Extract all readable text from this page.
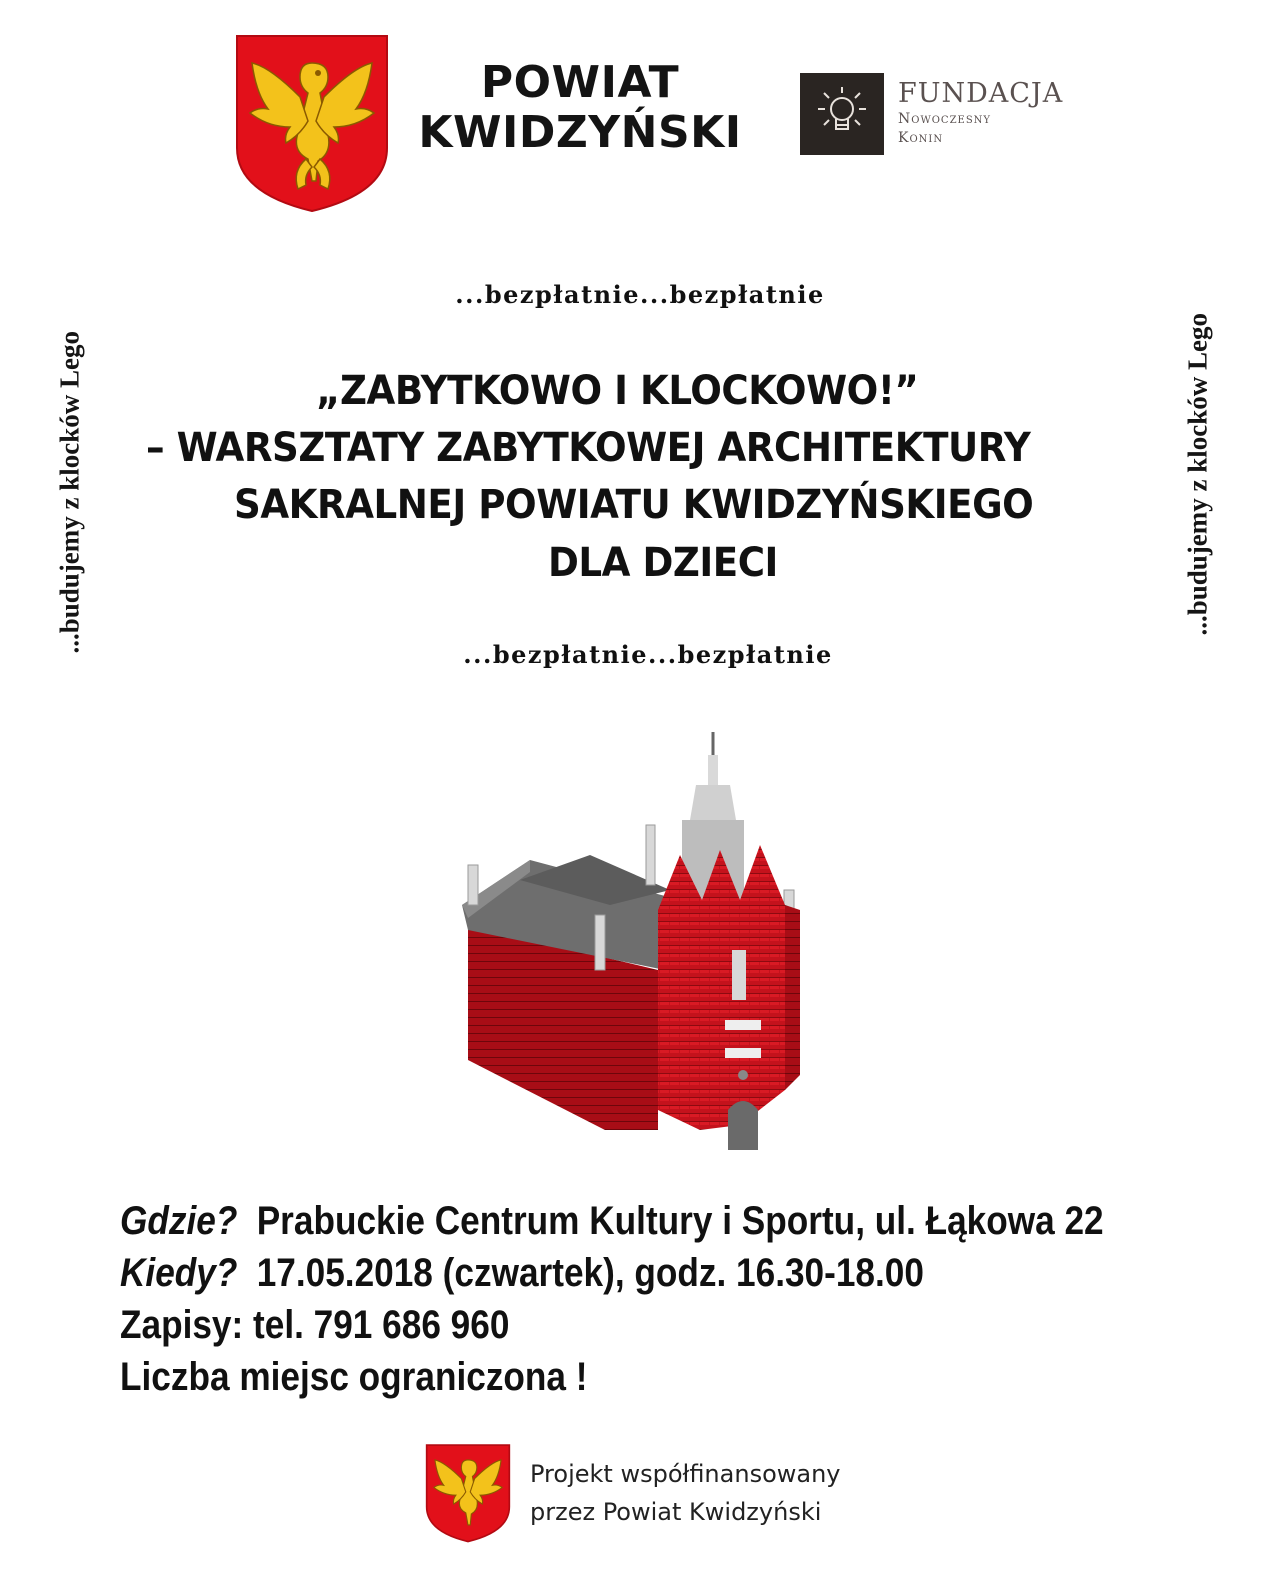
POWIAT
KWIDZYŃSKI
FUNDACJA
Nowoczesny
Konin
...bezpłatnie...bezpłatnie
...budujemy z klocków Lego	...budujemy z klocków Lego
„ZABYTKOWO I KLOCKOWO!”
– WARSZTATY ZABYTKOWEJ ARCHITEKTURY
SAKRALNEJ POWIATU KWIDZYŃSKIEGO
DLA DZIECI
...bezpłatnie...bezpłatnie
Gdzie? Prabuckie Centrum Kultury i Sportu, ul. Łąkowa 22
Kiedy? 17.05.2018 (czwartek), godz. 16.30-18.00
Zapisy: tel. 791 686 960
Liczba miejsc ograniczona !
Projekt współfinansowany
przez Powiat Kwidzyński
